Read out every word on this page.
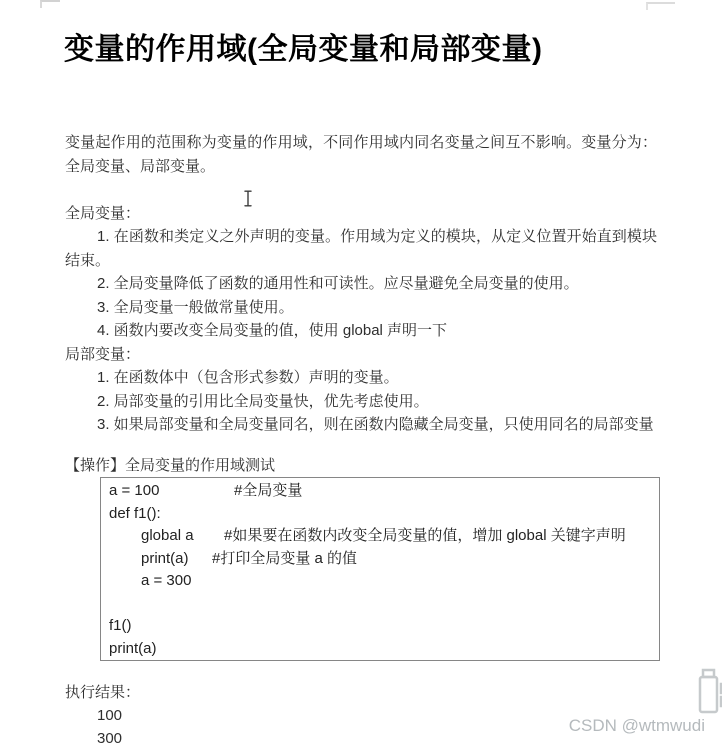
变量的作用域(全局变量和局部变量)

变量起作用的范围称为变量的作用域，不同作用域内同名变量之间互不影响。变量分为：全局变量、局部变量。

全局变量：
1. 在函数和类定义之外声明的变量。作用域为定义的模块，从定义位置开始直到模块结束。
2. 全局变量降低了函数的通用性和可读性。应尽量避免全局变量的使用。
3. 全局变量一般做常量使用。
4. 函数内要改变全局变量的值，使用 global 声明一下
局部变量：
1. 在函数体中（包含形式参数）声明的变量。
2. 局部变量的引用比全局变量快，优先考虑使用。
3. 如果局部变量和全局变量同名，则在函数内隐藏全局变量，只使用同名的局部变量
【操作】全局变量的作用域测试
a = 100	#全局变量
def f1():
global a #如果要在函数内改变全局变量的值，增加 global 关键字声明
print(a) #打印全局变量 a 的值
a = 300
f1()
print(a)
执行结果：
100
300
CSDN @wtmwudi
